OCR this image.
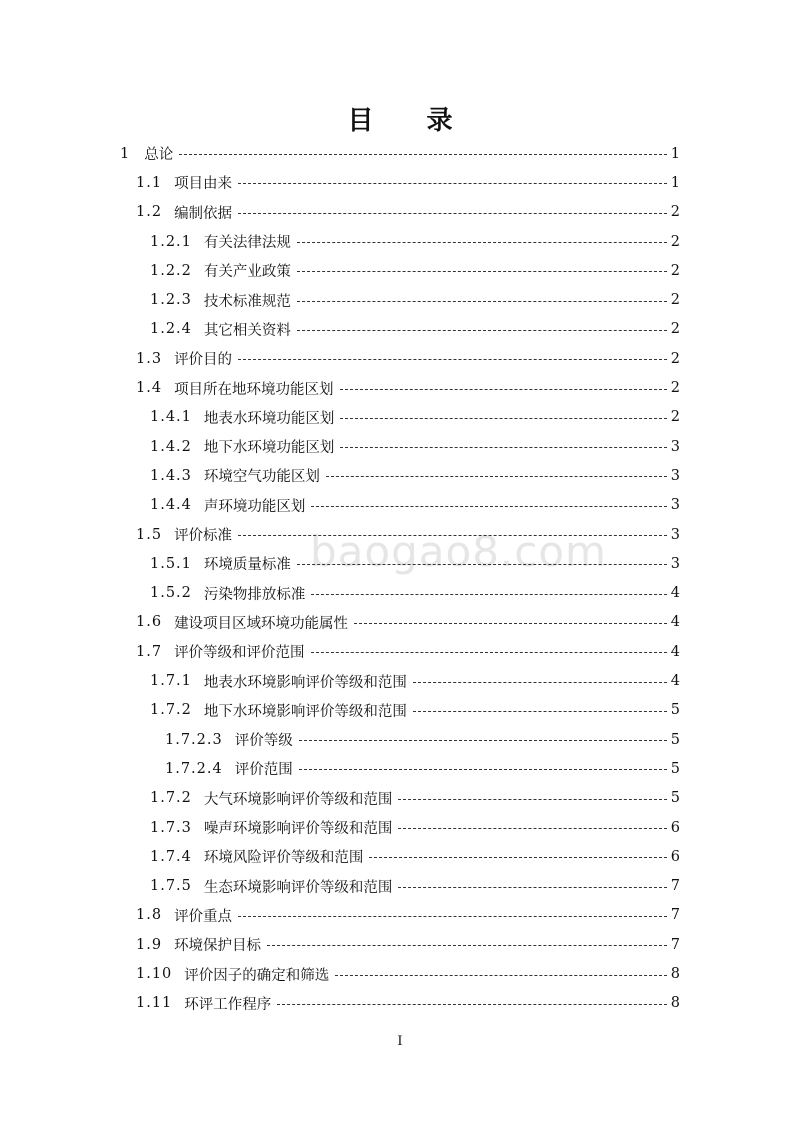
目 录
baogao8.com
1 总论	1
1.1 项目由来	1
1.2 编制依据	2
1.2.1 有关法律法规	2
1.2.2 有关产业政策	2
1.2.3 技术标准规范	2
1.2.4 其它相关资料	2
1.3 评价目的	2
1.4 项目所在地环境功能区划	2
1.4.1 地表水环境功能区划	2
1.4.2 地下水环境功能区划	3
1.4.3 环境空气功能区划	3
1.4.4 声环境功能区划	3
1.5 评价标准	3
1.5.1 环境质量标准	3
1.5.2 污染物排放标准	4
1.6 建设项目区域环境功能属性	4
1.7 评价等级和评价范围	4
1.7.1 地表水环境影响评价等级和范围	4
1.7.2 地下水环境影响评价等级和范围	5
1.7.2.3 评价等级	5
1.7.2.4 评价范围	5
1.7.2 大气环境影响评价等级和范围	5
1.7.3 噪声环境影响评价等级和范围	6
1.7.4 环境风险评价等级和范围	6
1.7.5 生态环境影响评价等级和范围	7
1.8 评价重点	7
1.9 环境保护目标	7
1.10 评价因子的确定和筛选	8
1.11 环评工作程序	8
I
